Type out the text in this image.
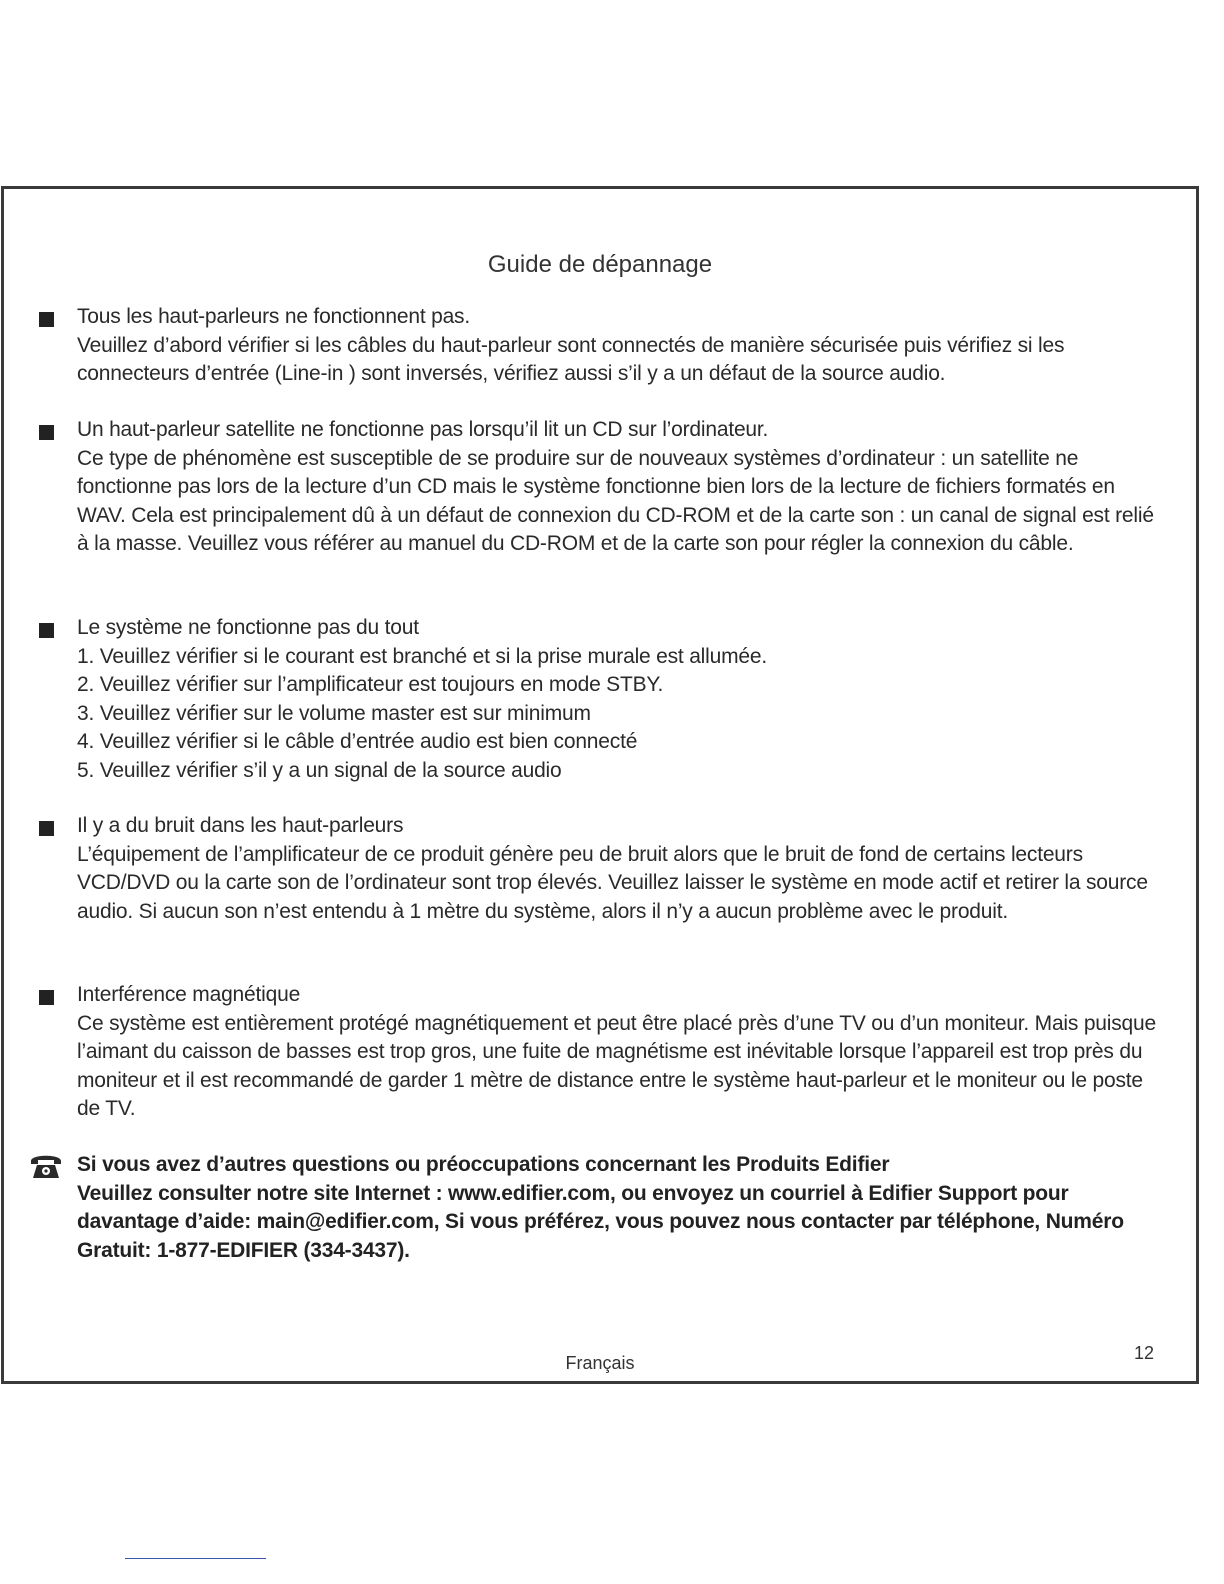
Guide de dépannage

Tous les haut-parleurs ne fonctionnent pas.

Veuillez d’abord vérifier si les câbles du haut-parleur sont connectés de manière sécurisée puis vérifiez si les connecteurs d’entrée (Line-in ) sont inversés, vérifiez aussi s’il y a un défaut de la source audio.

Un haut-parleur satellite ne fonctionne pas lorsqu’il lit un CD sur l’ordinateur.

Ce type de phénomène est susceptible de se produire sur de nouveaux systèmes d’ordinateur : un satellite ne fonctionne pas lors de la lecture d’un CD mais le système fonctionne bien lors de la lecture de fichiers formatés en WAV. Cela est principalement dû à un défaut de connexion du CD-ROM et de la carte son : un canal de signal est relié à la masse. Veuillez vous référer au manuel du CD-ROM et de la carte son pour régler la connexion du câble.

Le système ne fonctionne pas du tout

1. Veuillez vérifier si le courant est branché et si la prise murale est allumée.

2. Veuillez vérifier sur l’amplificateur est toujours en mode STBY.

3. Veuillez vérifier sur le volume master est sur minimum

4. Veuillez vérifier si le câble d’entrée audio est bien connecté

5. Veuillez vérifier s’il y a un signal de la source audio

Il y a du bruit dans les haut-parleurs

L’équipement de l’amplificateur de ce produit génère peu de bruit alors que le bruit de fond de certains lecteurs VCD/DVD ou la carte son de l’ordinateur sont trop élevés. Veuillez laisser le système en mode actif et retirer la source audio. Si aucun son n’est entendu à 1 mètre du système, alors il n’y a aucun problème avec le produit.

Interférence magnétique

Ce système est entièrement protégé magnétiquement et peut être placé près d’une TV ou d’un moniteur. Mais puisque l’aimant du caisson de basses est trop gros, une fuite de magnétisme est inévitable lorsque l’appareil est trop près du moniteur et il est recommandé de garder 1 mètre de distance entre le système haut-parleur et le moniteur ou le poste de TV.

Si vous avez d’autres questions ou préoccupations concernant les Produits Edifier

Veuillez consulter notre site Internet : www.edifier.com, ou envoyez un courriel à Edifier Support pour davantage d’aide: main@edifier.com, Si vous préférez, vous pouvez nous contacter par téléphone, Numéro Gratuit: 1-877-EDIFIER (334-3437).

Français	12
